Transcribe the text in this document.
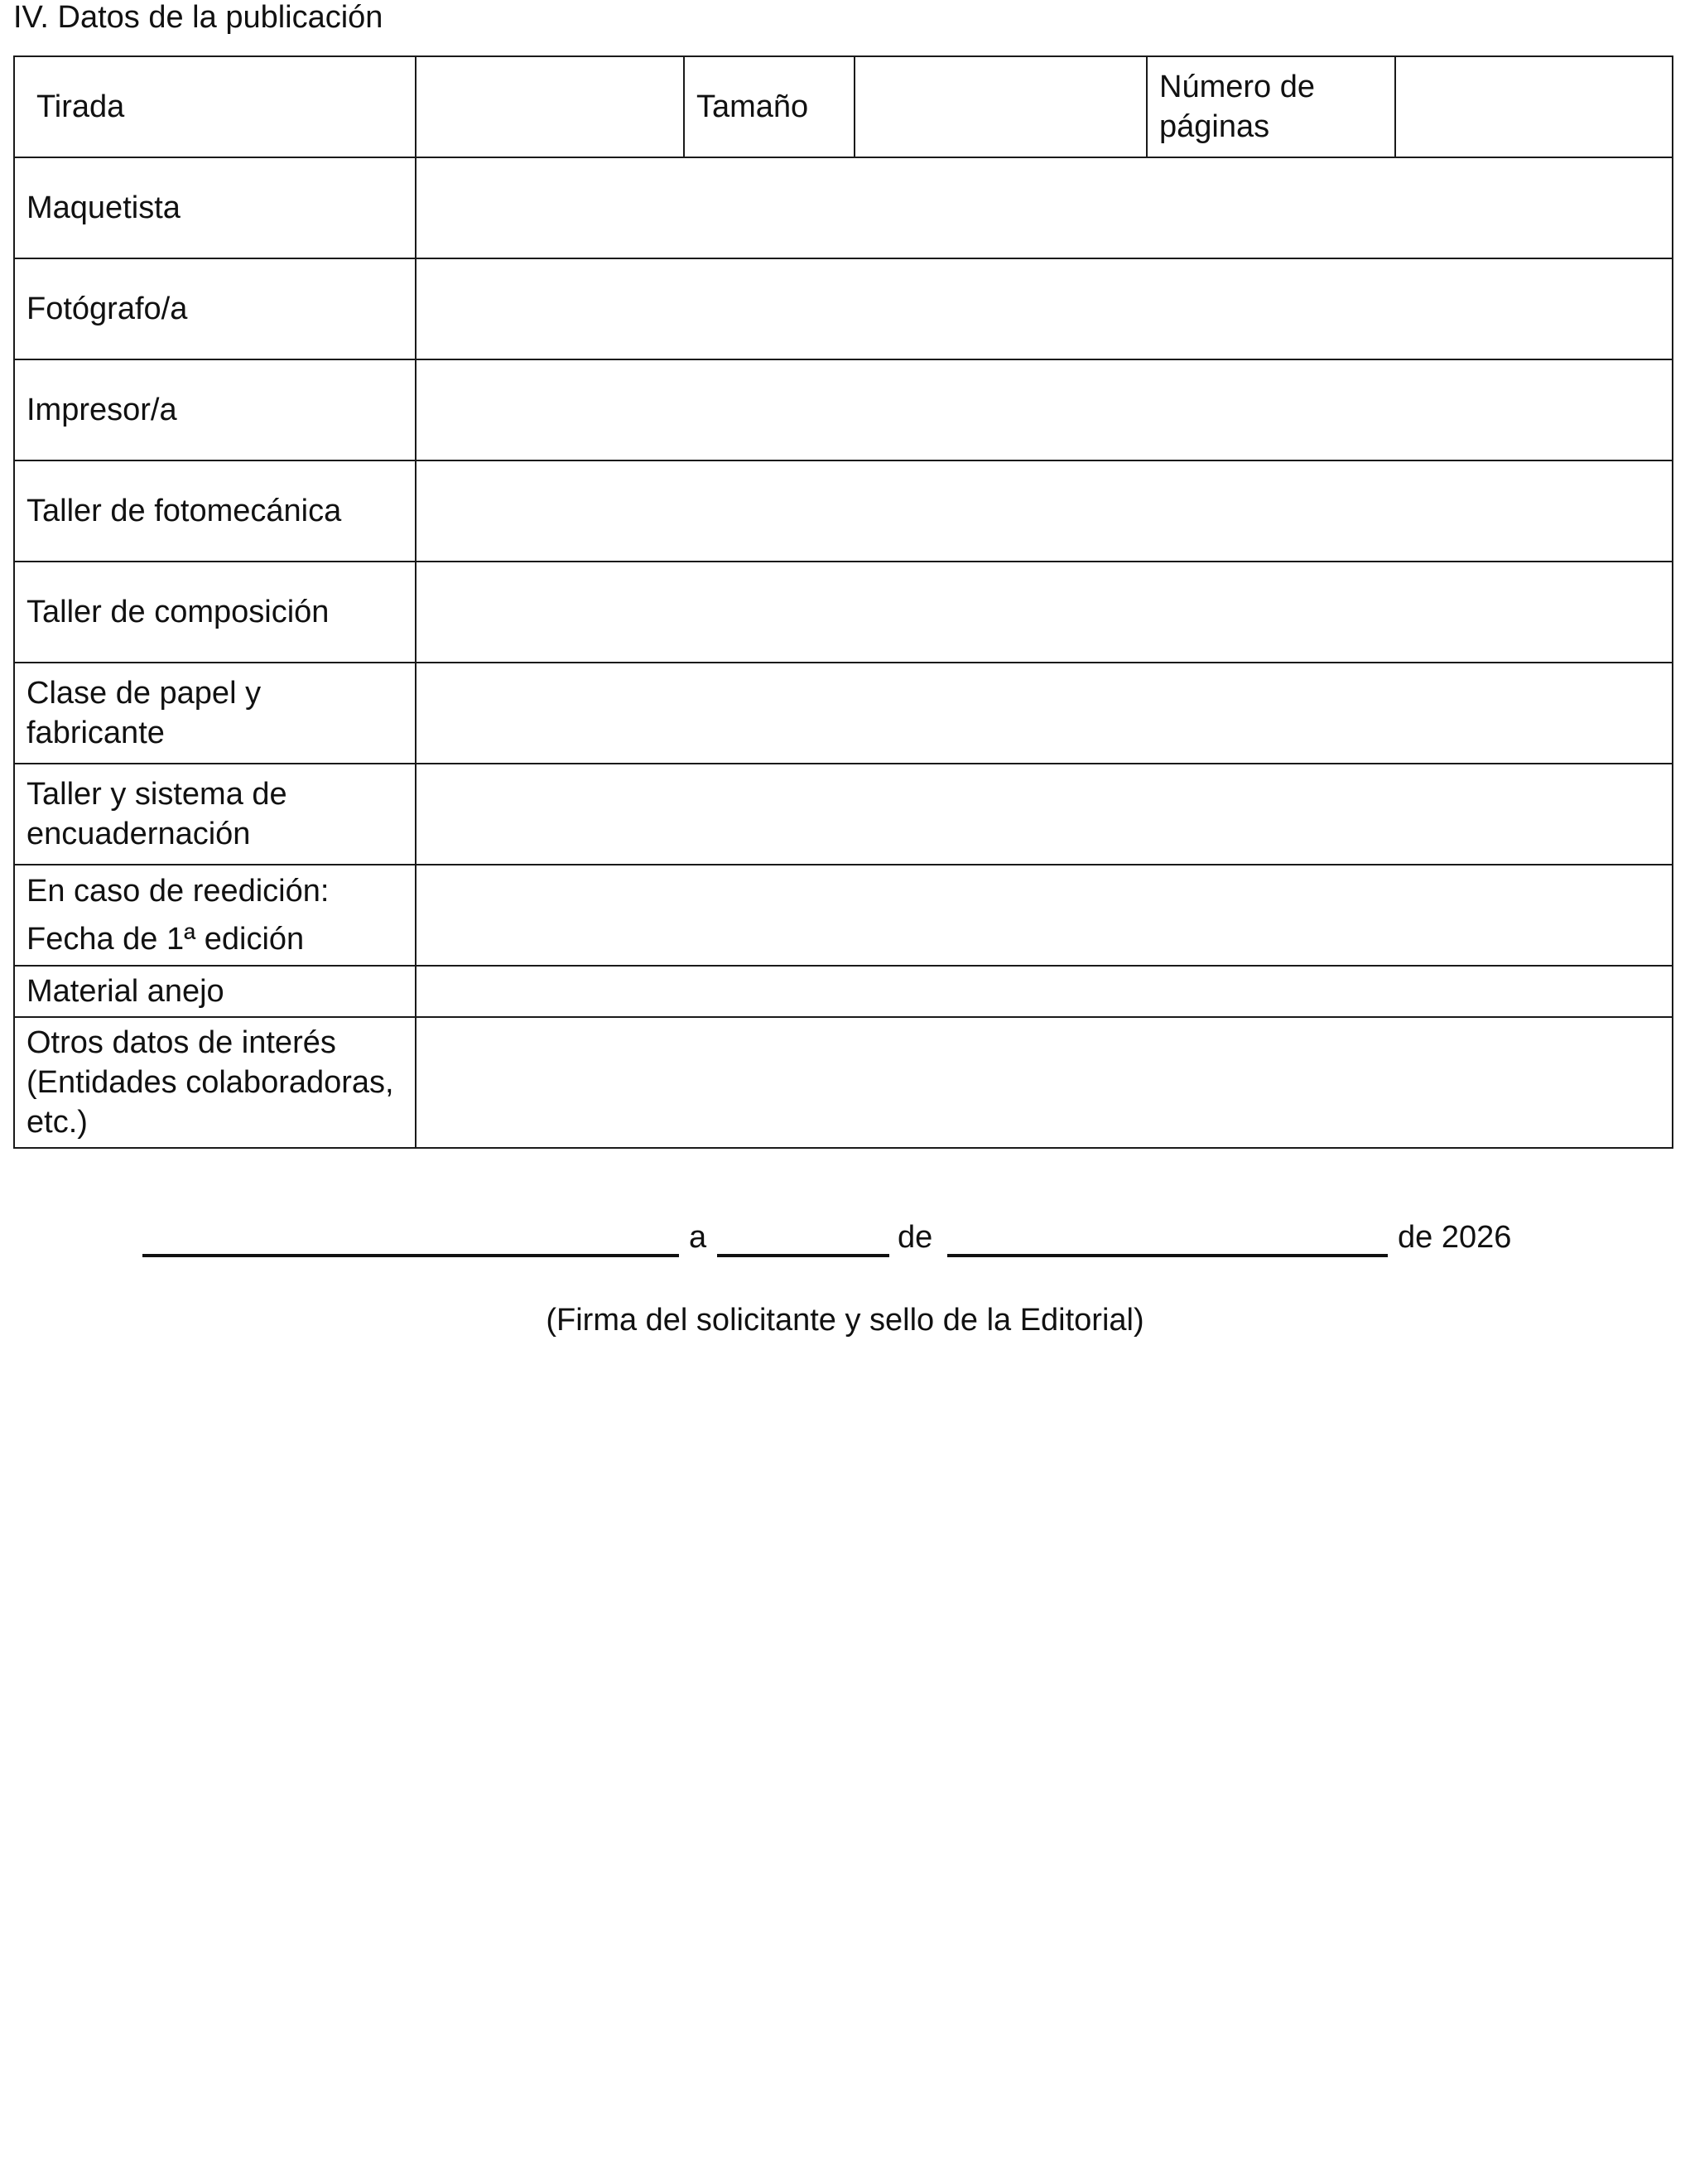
IV. Datos de la publicación
Tirada		Tamaño		Número de páginas	
Maquetista	
Fotógrafo/a	
Impresor/a	
Taller de fotomecánica	
Taller de composición	
Clase de papel y fabricante	
Taller y sistema de encuadernación	

En caso de reedición:
Fecha de 1ª edición

Material anejo	
Otros datos de interés (Entidades colaboradoras, etc.)	
a	de	de 2026
(Firma del solicitante y sello de la Editorial)
